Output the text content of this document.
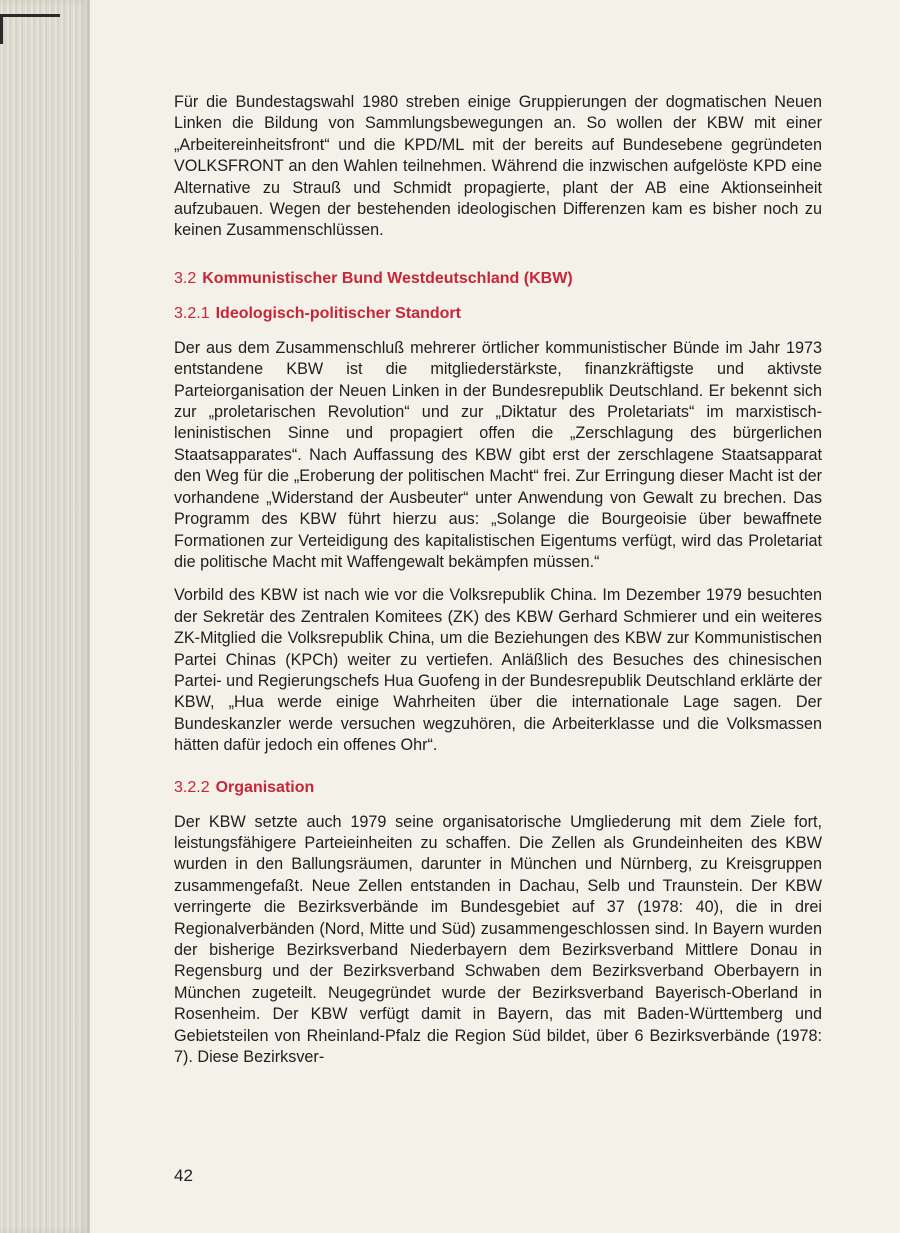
Für die Bundestagswahl 1980 streben einige Gruppierungen der dogmatischen Neuen Linken die Bildung von Sammlungsbewegungen an. So wollen der KBW mit einer „Arbeitereinheitsfront“ und die KPD/ML mit der bereits auf Bundesebene gegründeten VOLKSFRONT an den Wahlen teilnehmen. Während die inzwischen aufgelöste KPD eine Alternative zu Strauß und Schmidt propagierte, plant der AB eine Aktionseinheit aufzubauen. Wegen der bestehenden ideologischen Differenzen kam es bisher noch zu keinen Zusammenschlüssen.

3.2 Kommunistischer Bund Westdeutschland (KBW)
3.2.1 Ideologisch-politischer Standort

Der aus dem Zusammenschluß mehrerer örtlicher kommunistischer Bünde im Jahr 1973 entstandene KBW ist die mitgliederstärkste, finanzkräftigste und aktivste Parteiorganisation der Neuen Linken in der Bundesrepublik Deutschland. Er bekennt sich zur „proletarischen Revolution“ und zur „Diktatur des Proletariats“ im marxistisch-leninistischen Sinne und propagiert offen die „Zerschlagung des bürgerlichen Staatsapparates“. Nach Auffassung des KBW gibt erst der zerschlagene Staatsapparat den Weg für die „Eroberung der politischen Macht“ frei. Zur Erringung dieser Macht ist der vorhandene „Widerstand der Ausbeuter“ unter Anwendung von Gewalt zu brechen. Das Programm des KBW führt hierzu aus: „Solange die Bourgeoisie über bewaffnete Formationen zur Verteidigung des kapitalistischen Eigentums verfügt, wird das Proletariat die politische Macht mit Waffengewalt bekämpfen müssen.“

Vorbild des KBW ist nach wie vor die Volksrepublik China. Im Dezember 1979 besuchten der Sekretär des Zentralen Komitees (ZK) des KBW Gerhard Schmierer und ein weiteres ZK-Mitglied die Volksrepublik China, um die Beziehungen des KBW zur Kommunistischen Partei Chinas (KPCh) weiter zu vertiefen. Anläßlich des Besuches des chinesischen Partei- und Regierungschefs Hua Guofeng in der Bundesrepublik Deutschland erklärte der KBW, „Hua werde einige Wahrheiten über die internationale Lage sagen. Der Bundeskanzler werde versuchen wegzuhören, die Arbeiterklasse und die Volksmassen hätten dafür jedoch ein offenes Ohr“.

3.2.2 Organisation

Der KBW setzte auch 1979 seine organisatorische Umgliederung mit dem Ziele fort, leistungsfähigere Parteieinheiten zu schaffen. Die Zellen als Grundeinheiten des KBW wurden in den Ballungsräumen, darunter in München und Nürnberg, zu Kreisgruppen zusammengefaßt. Neue Zellen entstanden in Dachau, Selb und Traunstein. Der KBW verringerte die Bezirksverbände im Bundesgebiet auf 37 (1978: 40), die in drei Regionalverbänden (Nord, Mitte und Süd) zusammengeschlossen sind. In Bayern wurden der bisherige Bezirksverband Niederbayern dem Bezirksverband Mittlere Donau in Regensburg und der Bezirksverband Schwaben dem Bezirksverband Oberbayern in München zugeteilt. Neugegründet wurde der Bezirksverband Bayerisch-Oberland in Rosenheim. Der KBW verfügt damit in Bayern, das mit Baden-Württemberg und Gebietsteilen von Rheinland-Pfalz die Region Süd bildet, über 6 Bezirksverbände (1978: 7). Diese Bezirksver-

42
